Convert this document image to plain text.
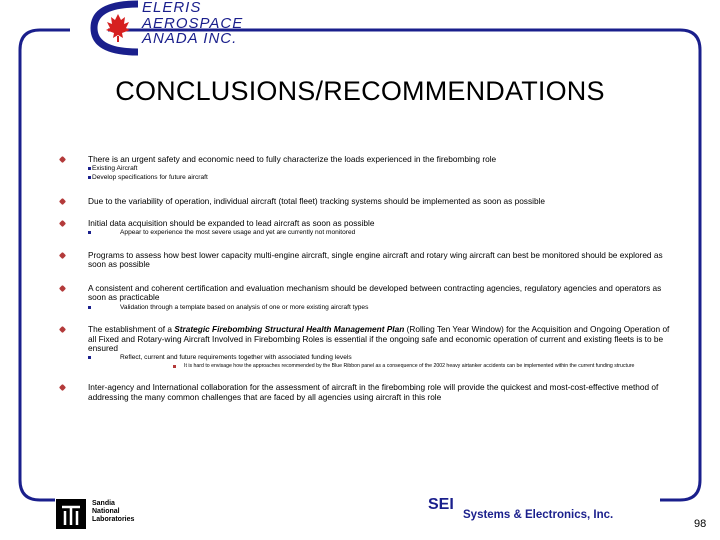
ELERIS
AEROSPACE
ANADA INC.
CONCLUSIONS/RECOMMENDATIONS
There is an urgent safety and economic need to fully characterize the loads experienced in the firebombing role
Existing Aircraft
Develop specifications for future aircraft
Due to the variability of operation, individual aircraft (total fleet) tracking systems should be implemented as soon as possible
Initial data acquisition should be expanded to lead aircraft as soon as possible
Appear to experience the most severe usage and yet are currently not monitored
Programs to assess how best lower capacity multi-engine aircraft, single engine aircraft and rotary wing aircraft can best be monitored should be explored as soon as possible
A consistent and coherent certification and evaluation mechanism should be developed between contracting agencies, regulatory agencies and operators as soon as practicable
Validation through a template based on analysis of one or more existing aircraft types
The establishment of a Strategic Firebombing Structural Health Management Plan (Rolling Ten Year Window) for the Acquisition and Ongoing Operation of all Fixed and Rotary-wing Aircraft Involved in Firebombing Roles is essential if the ongoing safe and economic operation of current and existing fleets is to be ensured
Reflect, current and future requirements together with associated funding levels
It is hard to envisage how the approaches recommended by the Blue Ribbon panel as a consequence of the 2002 heavy airtanker accidents can be implemented within the current funding structure
Inter-agency and International collaboration for the assessment of aircraft in the firebombing role will provide the quickest and most-cost-effective method of addressing the many common challenges that are faced by all agencies using aircraft in this role
Sandia
National
Laboratories
SEI
Systems & Electronics, Inc.
98
